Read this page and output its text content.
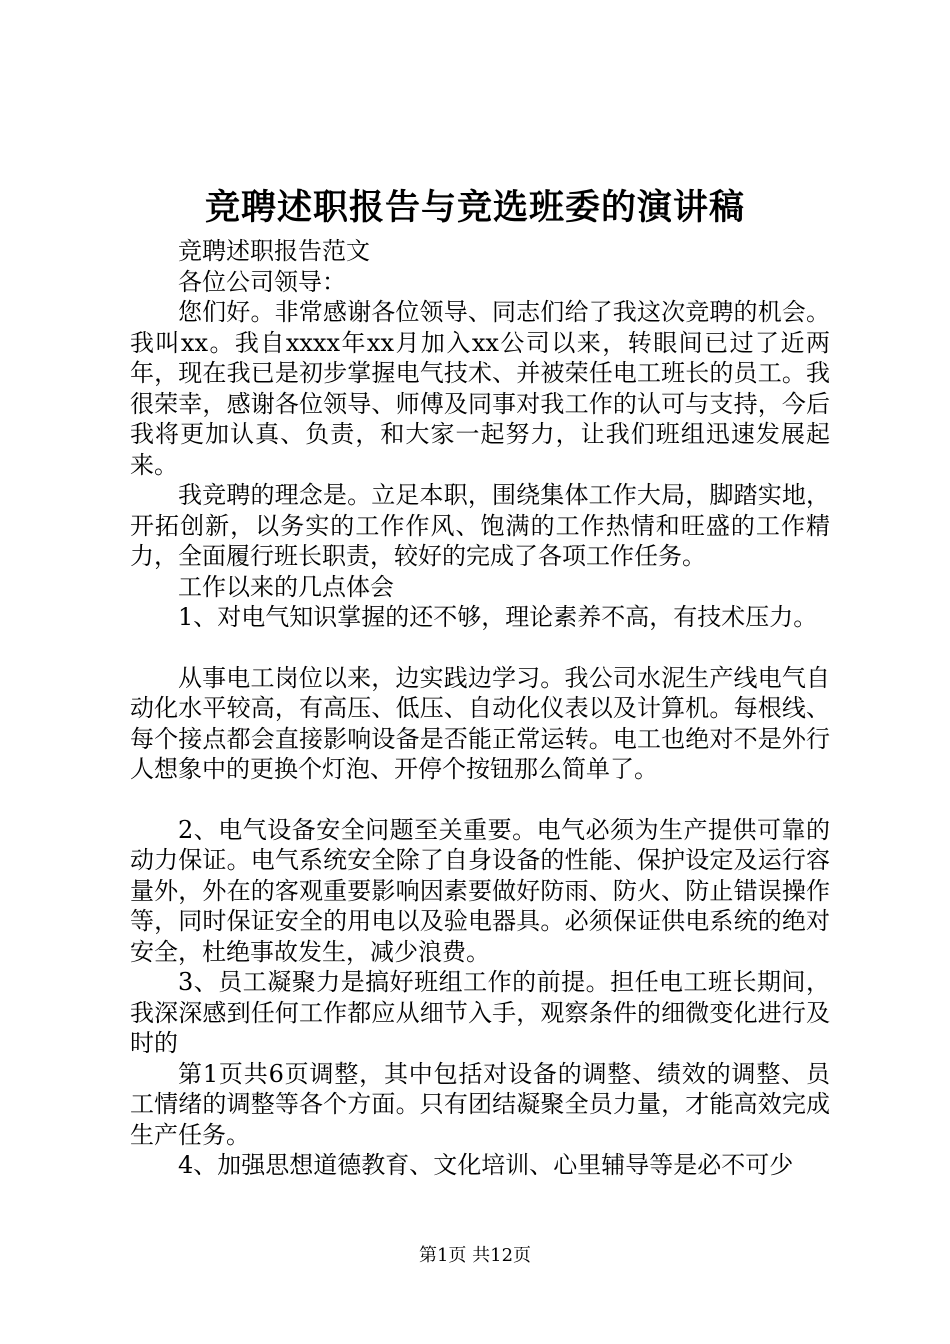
竞聘述职报告与竞选班委的演讲稿

竞聘述职报告范文

各位公司领导：

您们好。非常感谢各位领导、同志们给了我这次竞聘的机会。我叫xx。我自xxxx年xx月加入xx公司以来，转眼间已过了近两年，现在我已是初步掌握电气技术、并被荣任电工班长的员工。我很荣幸，感谢各位领导、师傅及同事对我工作的认可与支持，今后我将更加认真、负责，和大家一起努力，让我们班组迅速发展起来。

我竞聘的理念是。立足本职，围绕集体工作大局，脚踏实地，开拓创新，以务实的工作作风、饱满的工作热情和旺盛的工作精力，全面履行班长职责，较好的完成了各项工作任务。

工作以来的几点体会

1、对电气知识掌握的还不够，理论素养不高，有技术压力。

从事电工岗位以来，边实践边学习。我公司水泥生产线电气自动化水平较高，有高压、低压、自动化仪表以及计算机。每根线、每个接点都会直接影响设备是否能正常运转。电工也绝对不是外行人想象中的更换个灯泡、开停个按钮那么简单了。

2、电气设备安全问题至关重要。电气必须为生产提供可靠的动力保证。电气系统安全除了自身设备的性能、保护设定及运行容量外，外在的客观重要影响因素要做好防雨、防火、防止错误操作等，同时保证安全的用电以及验电器具。必须保证供电系统的绝对安全，杜绝事故发生，减少浪费。

3、员工凝聚力是搞好班组工作的前提。担任电工班长期间，我深深感到任何工作都应从细节入手，观察条件的细微变化进行及时的

第1页共6页调整，其中包括对设备的调整、绩效的调整、员工情绪的调整等各个方面。只有团结凝聚全员力量，才能高效完成生产任务。

4、加强思想道德教育、文化培训、心里辅导等是必不可少

第1页 共12页
